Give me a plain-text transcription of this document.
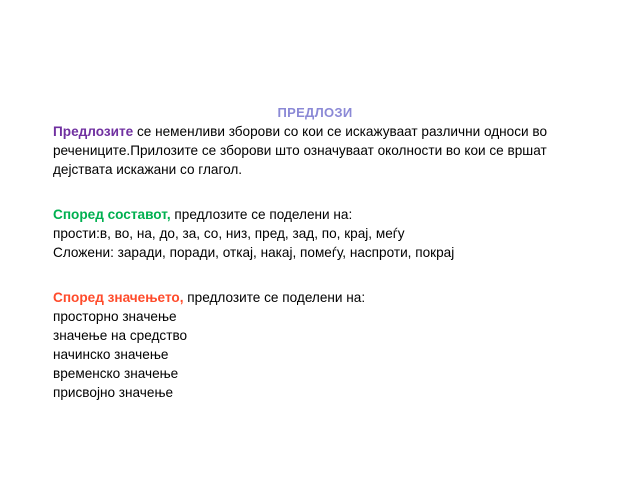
ПРЕДЛОЗИ
Предлозите се неменливи зборови со кои се искажуваат различни односи во
речениците.Прилозите се зборови што означуваат околности во кои се вршат
дејствата искажани со глагол.
Според составот, предлозите се поделени на:
прости:в, во, на, до, за, со, низ, пред, зад, по, крај, меѓу
Сложени: заради, поради, откај, накај, помеѓу, наспроти, покрај
Според значењето, предлозите се поделени на:
просторно значење
значење на средство
начинско значење
временско значење
присвојно значење
